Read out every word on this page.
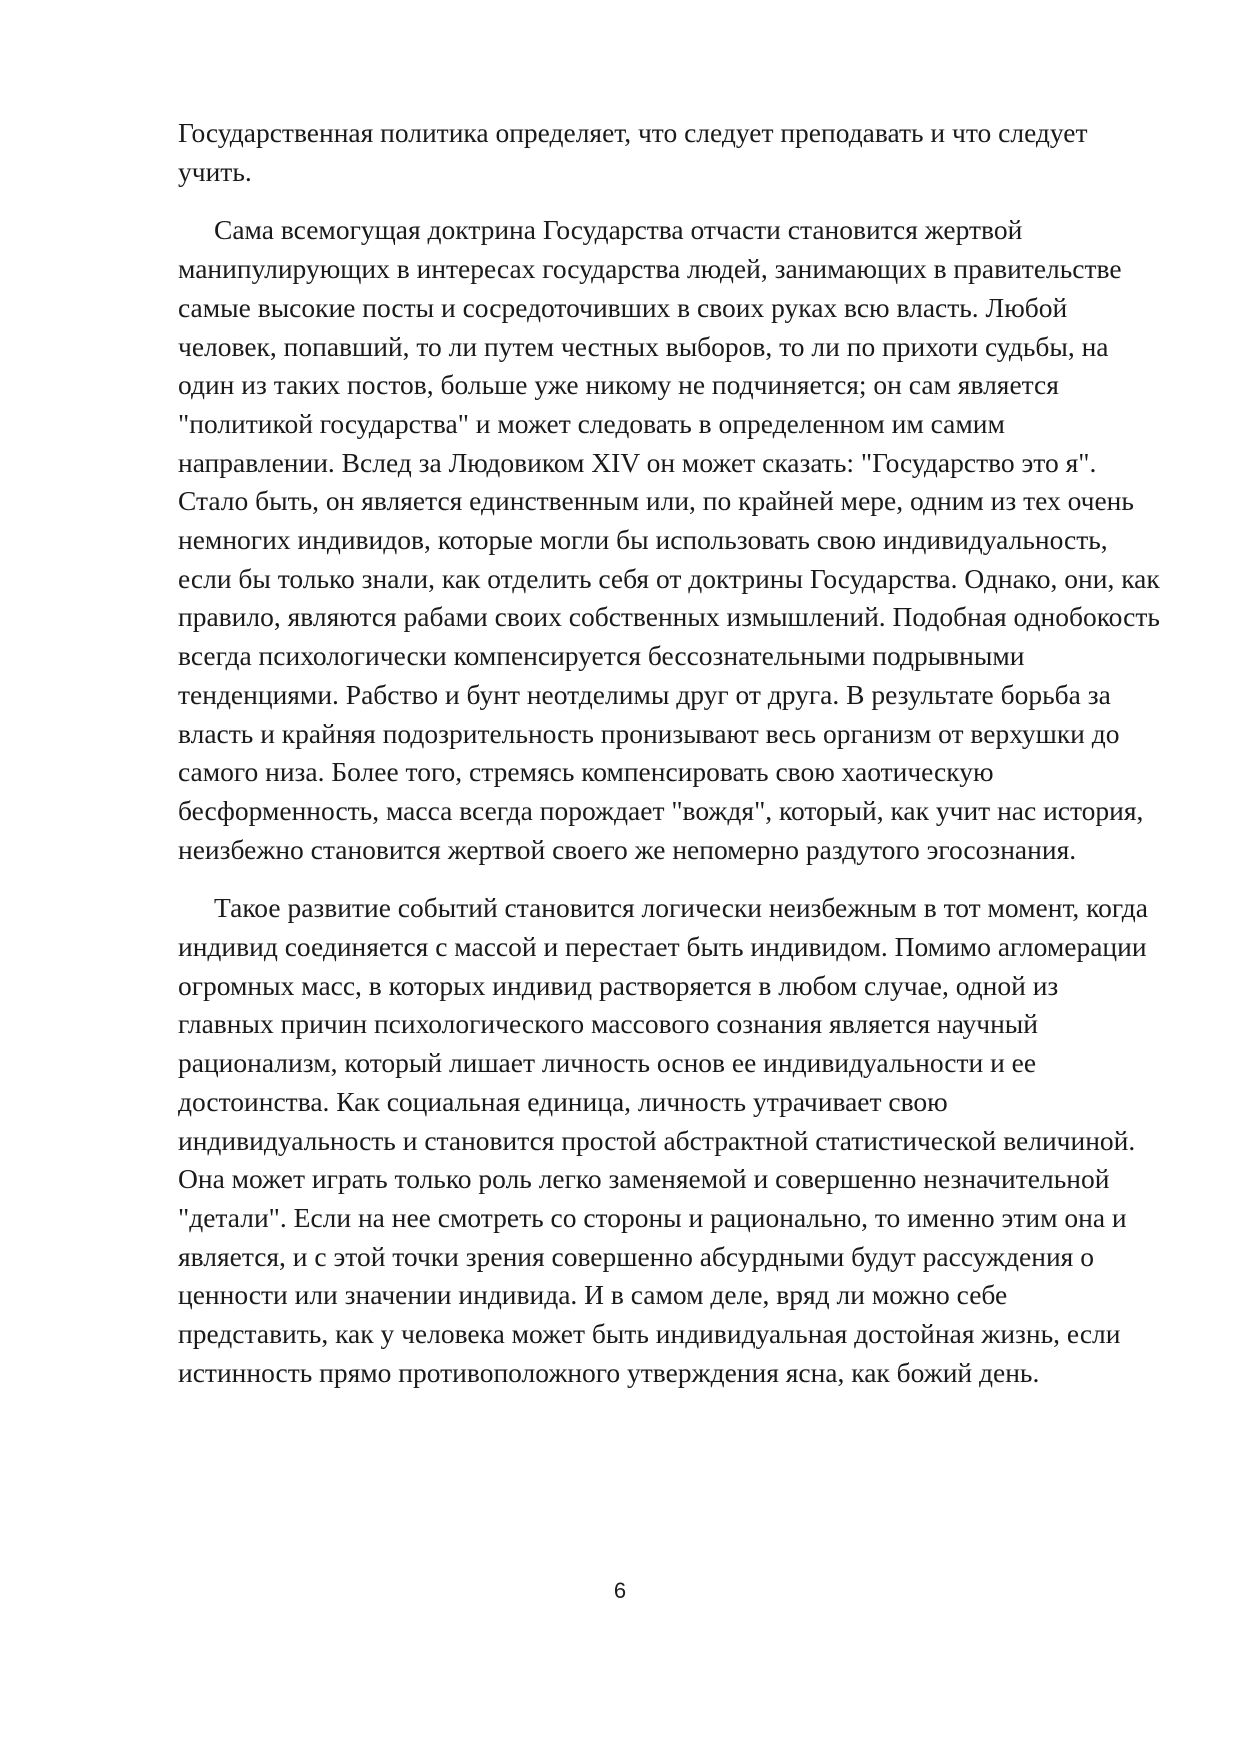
Государственная политика определяет, что следует преподавать и что следует учить.

Сама всемогущая доктрина Государства отчасти становится жертвой манипулирующих в интересах государства людей, занимающих в правительстве самые высокие посты и сосредоточивших в своих руках всю власть. Любой человек, попавший, то ли путем честных выборов, то ли по прихоти судьбы, на один из таких постов, больше уже никому не подчиняется; он сам является "политикой государства" и может следовать в определенном им самим направлении. Вслед за Людовиком XIV он может сказать: "Государство это я". Стало быть, он является единственным или, по крайней мере, одним из тех очень немногих индивидов, которые могли бы использовать свою индивидуальность, если бы только знали, как отделить себя от доктрины Государства. Однако, они, как правило, являются рабами своих собственных измышлений. Подобная однобокость всегда психологически компенсируется бессознательными подрывными тенденциями. Рабство и бунт неотделимы друг от друга. В результате борьба за власть и крайняя подозрительность пронизывают весь организм от верхушки до самого низа. Более того, стремясь компенсировать свою хаотическую бесформенность, масса всегда порождает "вождя", который, как учит нас история, неизбежно становится жертвой своего же непомерно раздутого эгосознания.

Такое развитие событий становится логически неизбежным в тот момент, когда индивид соединяется с массой и перестает быть индивидом. Помимо агломерации огромных масс, в которых индивид растворяется в любом случае, одной из главных причин психологического массового сознания является научный рационализм, который лишает личность основ ее индивидуальности и ее достоинства. Как социальная единица, личность утрачивает свою индивидуальность и становится простой абстрактной статистической величиной. Она может играть только роль легко заменяемой и совершенно незначительной "детали". Если на нее смотреть со стороны и рационально, то именно этим она и является, и с этой точки зрения совершенно абсурдными будут рассуждения о ценности или значении индивида. И в самом деле, вряд ли можно себе представить, как у человека может быть индивидуальная достойная жизнь, если истинность прямо противоположного утверждения ясна, как божий день.

6
